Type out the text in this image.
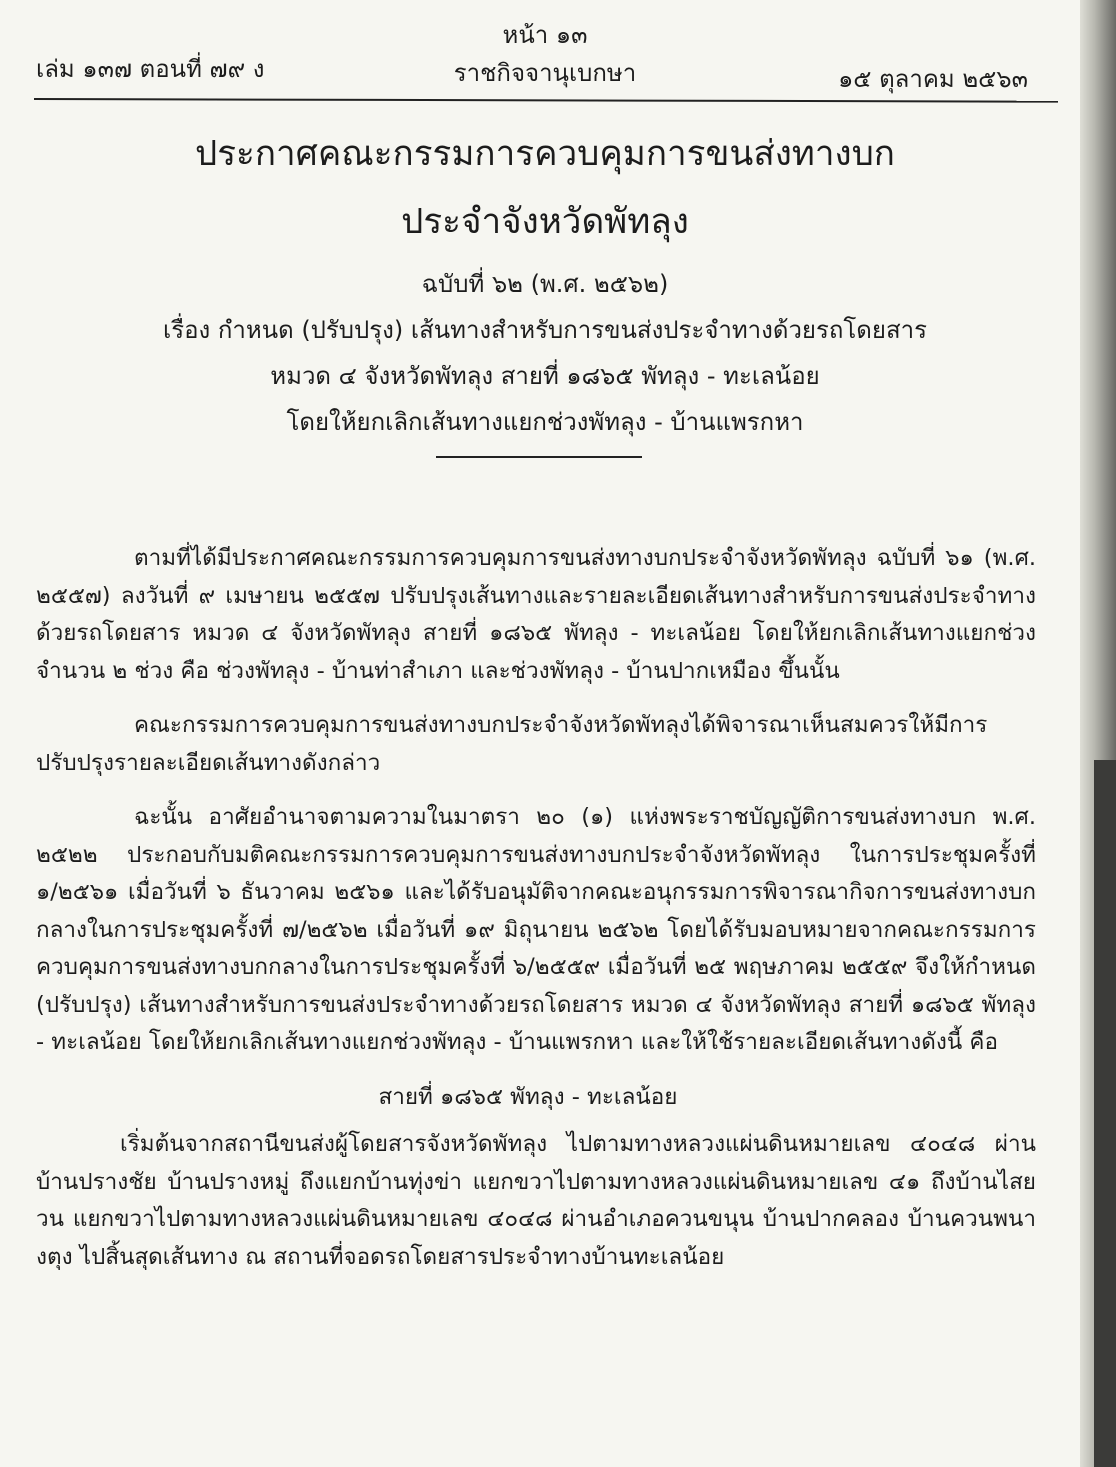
หน้า ๑๓
เล่ม ๑๓๗ ตอนที่ ๗๙ ง	ราชกิจจานุเบกษา	๑๕ ตุลาคม ๒๕๖๓
ประกาศคณะกรรมการควบคุมการขนส่งทางบก
ประจำจังหวัดพัทลุง
ฉบับที่ ๖๒ (พ.ศ. ๒๕๖๒)
เรื่อง กำหนด (ปรับปรุง) เส้นทางสำหรับการขนส่งประจำทางด้วยรถโดยสาร
หมวด ๔ จังหวัดพัทลุง สายที่ ๑๘๖๕ พัทลุง - ทะเลน้อย
โดยให้ยกเลิกเส้นทางแยกช่วงพัทลุง - บ้านแพรกหา

ตามที่ได้มีประกาศคณะกรรมการควบคุมการขนส่งทางบกประจำจังหวัดพัทลุง ฉบับที่ ๖๑ (พ.ศ. ๒๕๕๗) ลงวันที่ ๙ เมษายน ๒๕๕๗ ปรับปรุงเส้นทางและรายละเอียดเส้นทางสำหรับการขนส่งประจำทางด้วยรถโดยสาร หมวด ๔ จังหวัดพัทลุง สายที่ ๑๘๖๕ พัทลุง - ทะเลน้อย โดยให้ยกเลิกเส้นทางแยกช่วงจำนวน ๒ ช่วง คือ ช่วงพัทลุง - บ้านท่าสำเภา และช่วงพัทลุง - บ้านปากเหมือง ขึ้นนั้น

คณะกรรมการควบคุมการขนส่งทางบกประจำจังหวัดพัทลุงได้พิจารณาเห็นสมควรให้มีการปรับปรุงรายละเอียดเส้นทางดังกล่าว

ฉะนั้น อาศัยอำนาจตามความในมาตรา ๒๐ (๑) แห่งพระราชบัญญัติการขนส่งทางบก พ.ศ. ๒๕๒๒ ประกอบกับมติคณะกรรมการควบคุมการขนส่งทางบกประจำจังหวัดพัทลุง ในการประชุมครั้งที่ ๑/๒๕๖๑ เมื่อวันที่ ๖ ธันวาคม ๒๕๖๑ และได้รับอนุมัติจากคณะอนุกรรมการพิจารณากิจการขนส่งทางบกกลางในการประชุมครั้งที่ ๗/๒๕๖๒ เมื่อวันที่ ๑๙ มิถุนายน ๒๕๖๒ โดยได้รับมอบหมายจากคณะกรรมการควบคุมการขนส่งทางบกกลางในการประชุมครั้งที่ ๖/๒๕๕๙ เมื่อวันที่ ๒๕ พฤษภาคม ๒๕๕๙ จึงให้กำหนด (ปรับปรุง) เส้นทางสำหรับการขนส่งประจำทางด้วยรถโดยสาร หมวด ๔ จังหวัดพัทลุง สายที่ ๑๘๖๕ พัทลุง - ทะเลน้อย โดยให้ยกเลิกเส้นทางแยกช่วงพัทลุง - บ้านแพรกหา และให้ใช้รายละเอียดเส้นทางดังนี้ คือ

สายที่ ๑๘๖๕ พัทลุง - ทะเลน้อย

เริ่มต้นจากสถานีขนส่งผู้โดยสารจังหวัดพัทลุง ไปตามทางหลวงแผ่นดินหมายเลข ๔๐๔๘ ผ่านบ้านปรางชัย บ้านปรางหมู่ ถึงแยกบ้านทุ่งข่า แยกขวาไปตามทางหลวงแผ่นดินหมายเลข ๔๑ ถึงบ้านไสยวน แยกขวาไปตามทางหลวงแผ่นดินหมายเลข ๔๐๔๘ ผ่านอำเภอควนขนุน บ้านปากคลอง บ้านควนพนางตุง ไปสิ้นสุดเส้นทาง ณ สถานที่จอดรถโดยสารประจำทางบ้านทะเลน้อย
